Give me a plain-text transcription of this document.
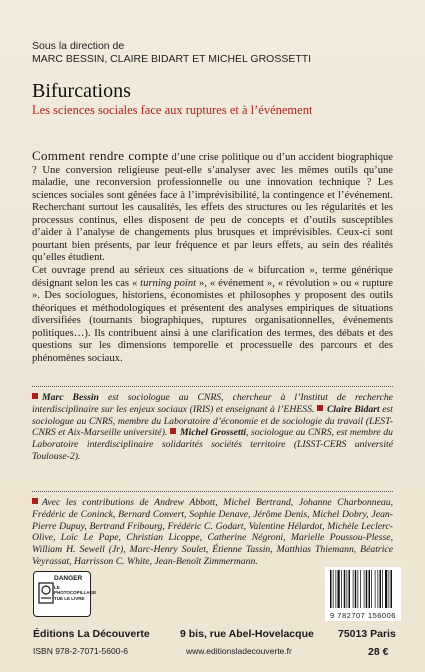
Sous la direction de
MARC BESSIN, CLAIRE BIDART ET MICHEL GROSSETTI
Bifurcations
Les sciences sociales face aux ruptures et à l’événement
Comment rendre compte d’une crise politique ou d’un accident biographique ? Une conversion religieuse peut-elle s’analyser avec les mêmes outils qu’une maladie, une reconversion professionnelle ou une innovation technique ? Les sciences sociales sont gênées face à l’imprévisibilité, la contingence et l’événement. Recherchant surtout les causalités, les effets des structures ou les régularités et les processus continus, elles disposent de peu de concepts et d’outils susceptibles d’aider à l’analyse de changements plus brusques et imprévisibles. Ceux-ci sont pourtant bien présents, par leur fréquence et par leurs effets, au sein des réalités qu’elles étudient.
Cet ouvrage prend au sérieux ces situations de « bifurcation », terme générique désignant selon les cas « turning point », « événement », « révolution » ou « rupture ». Des sociologues, historiens, économistes et philosophes y proposent des outils théoriques et méthodologiques et présentent des analyses empiriques de situations diversifiées (tournants biographiques, ruptures organisationnelles, événements politiques…). Ils contribuent ainsi à une clarification des termes, des débats et des questions sur les dimensions temporelle et processuelle des parcours et des phénomènes sociaux.
Marc Bessin est sociologue au CNRS, chercheur à l’Institut de recherche interdisciplinaire sur les enjeux sociaux (IRIS) et enseignant à l’EHESS. Claire Bidart est sociologue au CNRS, membre du Laboratoire d’économie et de sociologie du travail (LEST-CNRS et Aix-Marseille université). Michel Grossetti, sociologue au CNRS, est membre du Laboratoire interdisciplinaire solidarités sociétés territoire (LISST-CERS université Toulouse-2).
Avec les contributions de Andrew Abbott, Michel Bertrand, Johanne Charbonneau, Frédéric de Coninck, Bernard Convert, Sophie Denave, Jérôme Denis, Michel Dobry, Jean-Pierre Dupuy, Bertrand Fribourg, Frédéric C. Godart, Valentine Hélardot, Michèle Leclerc-Olive, Loïc Le Pape, Christian Licoppe, Catherine Négroni, Marielle Poussou-Plesse, William H. Sewell (Jr), Marc-Henry Soulet, Étienne Tassin, Matthias Thiemann, Béatrice Veyrassat, Harrisson C. White, Jean-Benoît Zimmermann.
DANGER
LE PHOTOCOPILLAGE
TUE LE LIVRE
9 782707 156006
Éditions La Découverte	9 bis, rue Abel-Hovelacque 75013 Paris
ISBN 978-2-7071-5600-6	www.editionsladecouverte.fr	28 €
